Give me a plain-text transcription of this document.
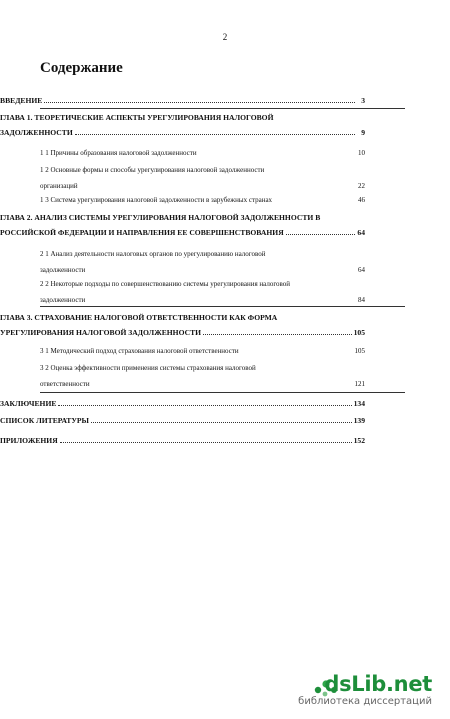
2
Содержание
dsLib.net
библиотека диссертаций
ВВЕДЕНИЕ	3
ГЛАВА 1. ТЕОРЕТИЧЕСКИЕ АСПЕКТЫ УРЕГУЛИРОВАНИЯ НАЛОГОВОЙ
ЗАДОЛЖЕННОСТИ	9
1 1 Причины образования налоговой задолженности	10
1 2 Основные формы и способы урегулирования налоговой задолженности
организаций	22
1 3 Система урегулирования налоговой задолженности в зарубежных странах	46
ГЛАВА 2. АНАЛИЗ СИСТЕМЫ УРЕГУЛИРОВАНИЯ НАЛОГОВОЙ ЗАДОЛЖЕННОСТИ В
РОССИЙСКОЙ ФЕДЕРАЦИИ И НАПРАВЛЕНИЯ ЕЕ СОВЕРШЕНСТВОВАНИЯ	64
2 1 Анализ деятельности налоговых органов по урегулированию налоговой
задолженности	64
2 2 Некоторые подходы по совершенствованию системы урегулирования налоговой
задолженности	84
ГЛАВА 3. СТРАХОВАНИЕ НАЛОГОВОЙ ОТВЕТСТВЕННОСТИ КАК ФОРМА
УРЕГУЛИРОВАНИЯ НАЛОГОВОЙ ЗАДОЛЖЕННОСТИ	105
3 1 Методический подход страхования налоговой ответственности	105
3 2 Оценка эффективности применения системы страхования налоговой
ответственности	121
ЗАКЛЮЧЕНИЕ	134
СПИСОК ЛИТЕРАТУРЫ	139
ПРИЛОЖЕНИЯ	152
